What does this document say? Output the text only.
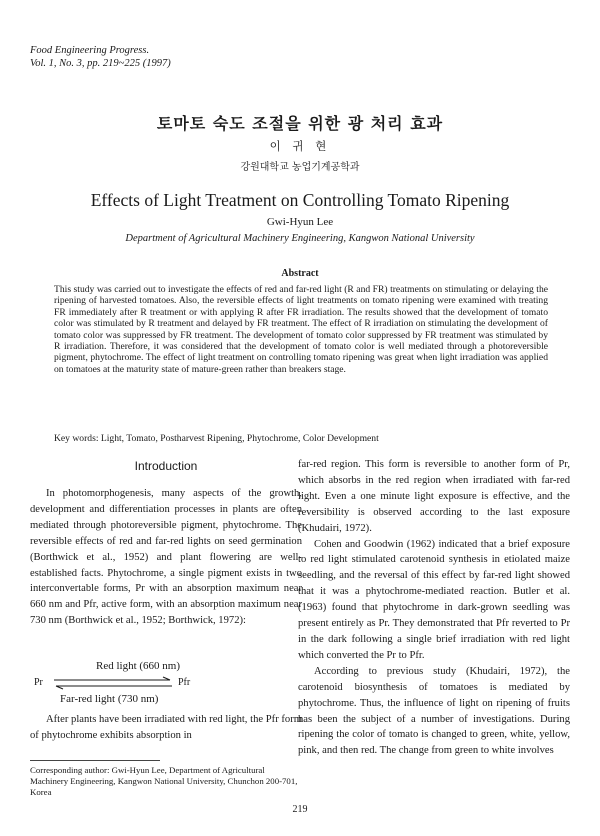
Food Engineering Progress.
Vol. 1, No. 3, pp. 219~225 (1997)
토마토 숙도 조절을 위한 광 처리 효과
이 귀 현
강원대학교 농업기계공학과
Effects of Light Treatment on Controlling Tomato Ripening
Gwi-Hyun Lee
Department of Agricultural Machinery Engineering, Kangwon National University
Abstract
This study was carried out to investigate the effects of red and far-red light (R and FR) treatments on stimulating or delaying the ripening of harvested tomatoes. Also, the reversible effects of light treatments on tomato ripening were examined with treating FR immediately after R treatment or with applying R after FR irradiation. The results showed that the development of tomato color was stimulated by R treatment and delayed by FR treatment. The effect of R irradiation on stimulating the development of tomato color was suppressed by FR treatment. The development of tomato color suppressed by FR treatment was stimulated by R irradiation. Therefore, it was considered that the development of tomato color is well mediated through a photoreversible pigment, phytochrome. The effect of light treatment on controlling tomato ripening was great when light irradiation was applied on tomatoes at the maturity state of mature-green rather than breakers stage.
Key words: Light, Tomato, Postharvest Ripening, Phytochrome, Color Development
Introduction

In photomorphogenesis, many aspects of the growth, development and differentiation processes in plants are often mediated through photoreversible pigment, phytochrome. The reversible effects of red and far-red lights on seed germination (Borthwick et al., 1952) and plant flowering are well-established facts. Phytochrome, a single pigment exists in two interconvertable forms, Pr with an absorption maximum near 660 nm and Pfr, active form, with an absorption maximum near 730 nm (Borthwick et al., 1952; Borthwick, 1972):

Red light (660 nm)
Pr	Pfr
Far-red light (730 nm)

After plants have been irradiated with red light, the Pfr form of phytochrome exhibits absorption in

far-red region. This form is reversible to another form of Pr, which absorbs in the red region when irradiated with far-red light. Even a one minute light exposure is effective, and the reversibility is observed according to the last exposure (Khudairi, 1972).

Cohen and Goodwin (1962) indicated that a brief exposure to red light stimulated carotenoid synthesis in etiolated maize seedling, and the reversal of this effect by far-red light showed that it was a phytochrome-mediated reaction. Butler et al. (1963) found that phytochrome in dark-grown seedling was present entirely as Pr. They demonstrated that Pfr reverted to Pr in the dark following a single brief irradiation with red light which converted the Pr to Pfr.

According to previous study (Khudairi, 1972), the carotenoid biosynthesis of tomatoes is mediated by phytochrome. Thus, the influence of light on ripening of fruits has been the subject of a number of investigations. During ripening the color of tomato is changed to green, white, yellow, pink, and then red. The change from green to white involves

Corresponding author: Gwi-Hyun Lee, Department of Agricultural Machinery Engineering, Kangwon National University, Chunchon 200-701, Korea
219
